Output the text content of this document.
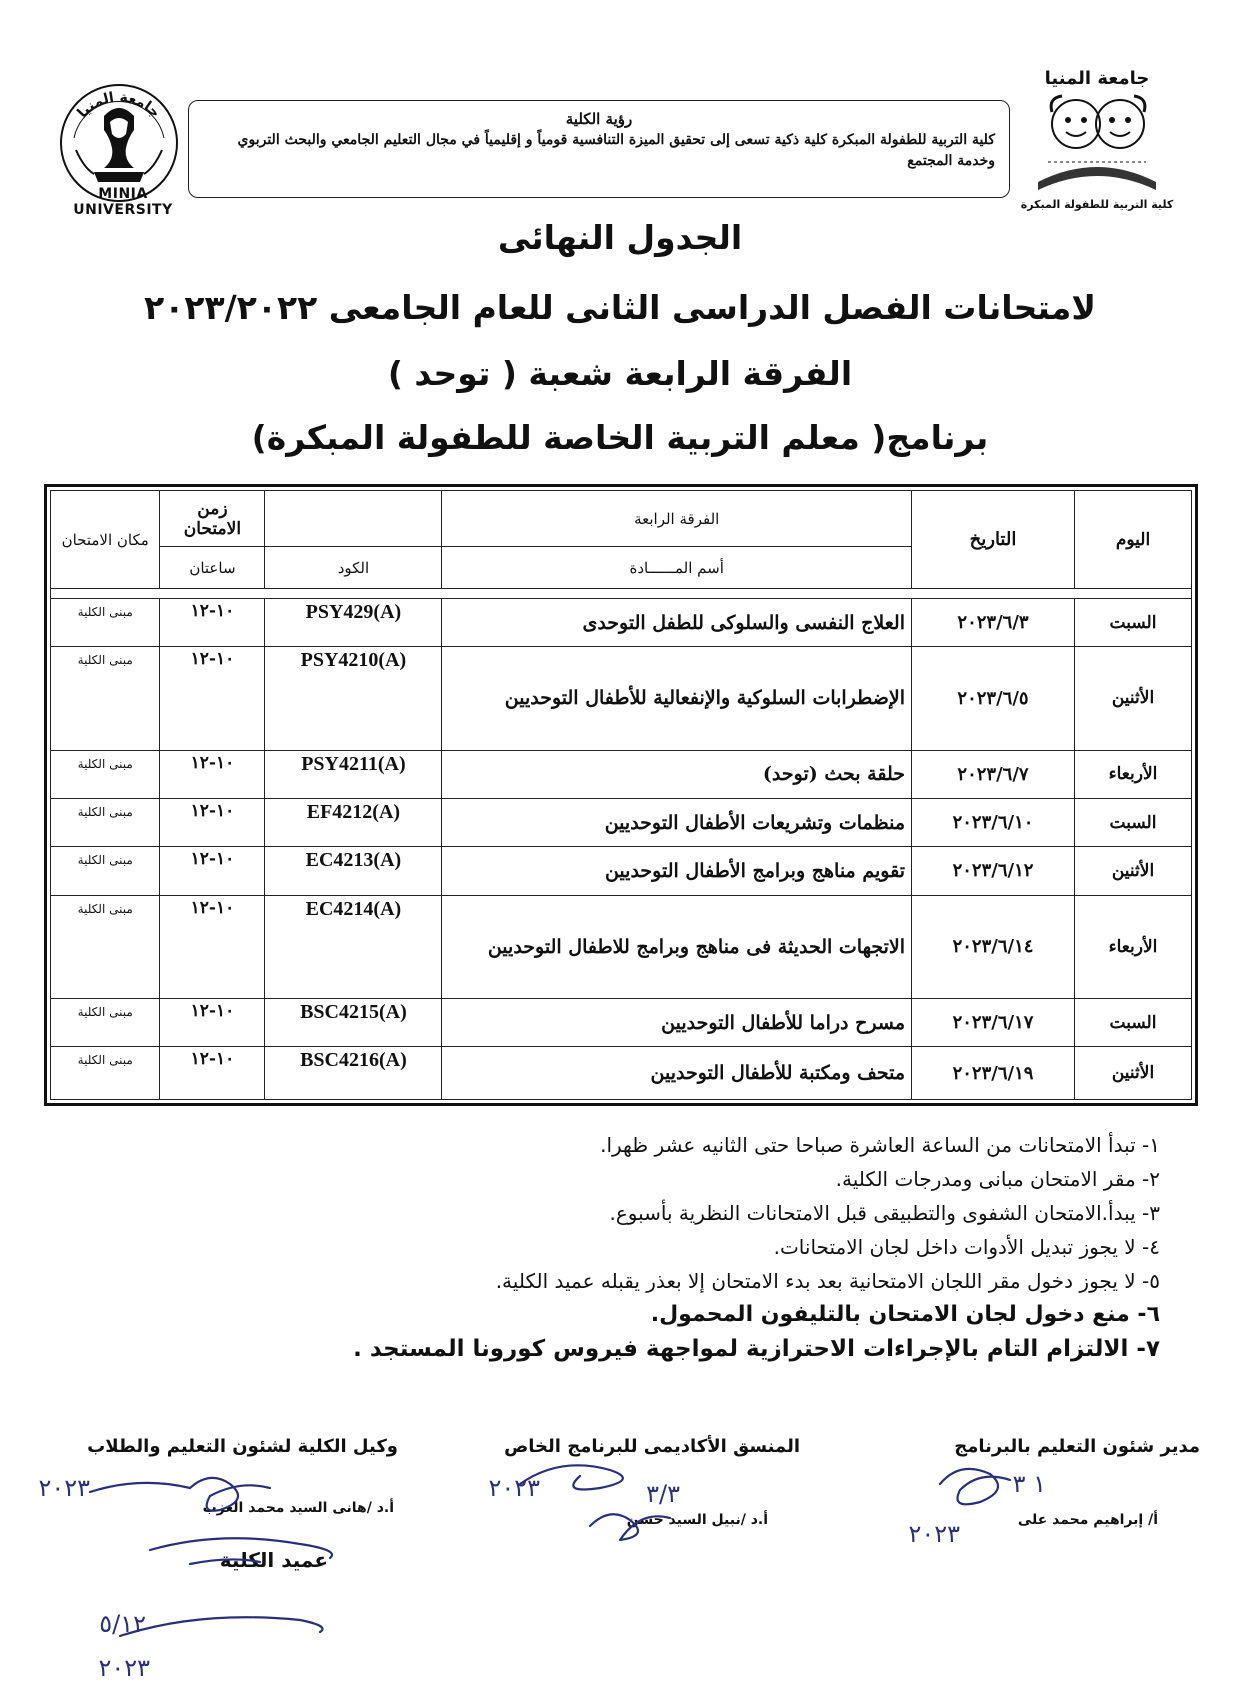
جامعة المنيا
MINIA UNIVERSITY
جامعة المنيا
كلية التربية للطفولة المبكرة
رؤية الكلية
كلية التربية للطفولة المبكرة كلية ذكية تسعى إلى تحقيق الميزة التنافسية قومياً و إقليمياً في مجال التعليم الجامعي والبحث التربوي وخدمة المجتمع
الجدول النهائى
لامتحانات الفصل الدراسى الثانى للعام الجامعى ٢٠٢٣/٢٠٢٢
الفرقة الرابعة شعبة ( توحد )
برنامج( معلم التربية الخاصة للطفولة المبكرة)
اليوم	التاريخ	الفرقة الرابعة		زمن الامتحان	مكان الامتحان
		أسم المــــــادة	الكود	ساعتان	

السبت	٢٠٢٣/٦/٣	العلاج النفسى والسلوكى للطفل التوحدى	PSY429(A)	١٠-١٢	مبنى الكلية
الأثنين	٢٠٢٣/٦/٥	الإضطرابات السلوكية والإنفعالية للأطفال التوحديين	PSY4210(A)	١٠-١٢	مبنى الكلية
الأربعاء	٢٠٢٣/٦/٧	حلقة بحث (توحد)	PSY4211(A)	١٠-١٢	مبنى الكلية
السبت	٢٠٢٣/٦/١٠	منظمات وتشريعات الأطفال التوحديين	EF4212(A)	١٠-١٢	مبنى الكلية
الأثنين	٢٠٢٣/٦/١٢	تقويم مناهج وبرامج الأطفال التوحديين	EC4213(A)	١٠-١٢	مبنى الكلية
الأربعاء	٢٠٢٣/٦/١٤	الاتجهات الحديثة فى مناهج وبرامج للاطفال التوحديين	EC4214(A)	١٠-١٢	مبنى الكلية
السبت	٢٠٢٣/٦/١٧	مسرح دراما للأطفال التوحديين	BSC4215(A)	١٠-١٢	مبنى الكلية
الأثنين	٢٠٢٣/٦/١٩	متحف ومكتبة للأطفال التوحديين	BSC4216(A)	١٠-١٢	مبنى الكلية
١- تبدأ الامتحانات من الساعة العاشرة صباحا حتى الثانيه عشر ظهرا.
٢- مقر الامتحان مبانى ومدرجات الكلية.
٣- يبدأ.الامتحان الشفوى والتطبيقى قبل الامتحانات النظرية بأسبوع.
٤- لا يجوز تبديل الأدوات داخل لجان الامتحانات.
٥- لا يجوز دخول مقر اللجان الامتحانية بعد بدء الامتحان إلا بعذر يقبله عميد الكلية.
٦- منع دخول لجان الامتحان بالتليفون المحمول.
٧- الالتزام التام بالإجراءات الاحترازية لمواجهة فيروس كورونا المستجد .
مدير شئون التعليم بالبرنامج
أ/ إبراهيم محمد على
المنسق الأكاديمى للبرنامج الخاص
أ.د /نبيل السيد حسن
وكيل الكلية لشئون التعليم والطلاب
أ.د /هانى السيد محمد العزب
عميد الكلية
١ ٣
٢٠٢٣
٢٠٢٣	٣/٣
٢٠٢٣
٥/١٢
٢٠٢٣
